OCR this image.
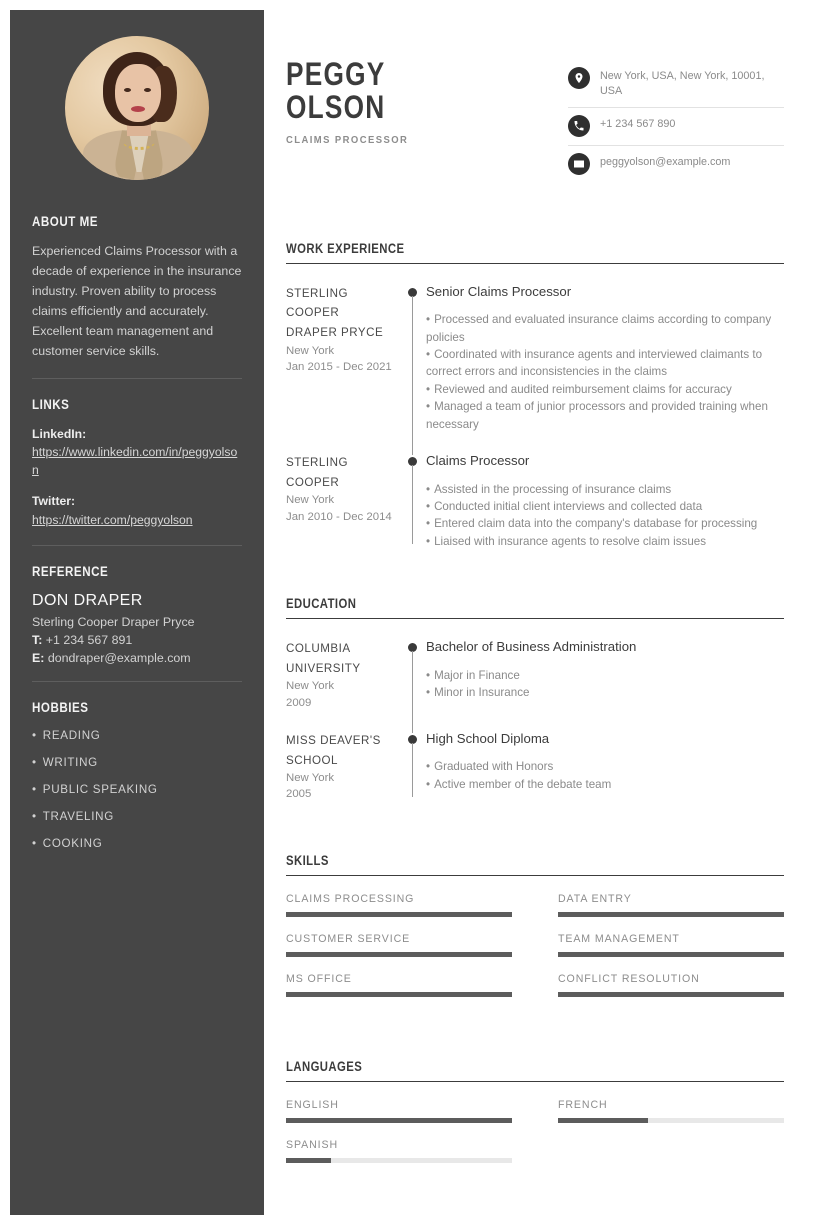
ABOUT ME
Experienced Claims Processor with a decade of experience in the insurance industry. Proven ability to process claims efficiently and accurately. Excellent team management and customer service skills.
LINKS
LinkedIn:
https://www.linkedin.com/in/peggyolson
Twitter:
https://twitter.com/peggyolson
REFERENCE
DON DRAPER
Sterling Cooper Draper Pryce
T: +1 234 567 891
E: dondraper@example.com
HOBBIES
• READING
• WRITING
• PUBLIC SPEAKING
• TRAVELING
• COOKING
PEGGY
OLSON
CLAIMS PROCESSOR
New York, USA, New York, 10001, USA
+1 234 567 890
peggyolson@example.com
WORK EXPERIENCE
STERLING COOPER DRAPER PRYCE
New York
Jan 2015 - Dec 2021
Senior Claims Processor
• Processed and evaluated insurance claims according to company policies
• Coordinated with insurance agents and interviewed claimants to correct errors and inconsistencies in the claims
• Reviewed and audited reimbursement claims for accuracy
• Managed a team of junior processors and provided training when necessary
STERLING COOPER
New York
Jan 2010 - Dec 2014
Claims Processor
• Assisted in the processing of insurance claims
• Conducted initial client interviews and collected data
• Entered claim data into the company's database for processing
• Liaised with insurance agents to resolve claim issues
EDUCATION
COLUMBIA UNIVERSITY
New York
2009
Bachelor of Business Administration
• Major in Finance
• Minor in Insurance
MISS DEAVER'S SCHOOL
New York
2005
High School Diploma
• Graduated with Honors
• Active member of the debate team
SKILLS
CLAIMS PROCESSING	DATA ENTRY
CUSTOMER SERVICE	TEAM MANAGEMENT
MS OFFICE	CONFLICT RESOLUTION
LANGUAGES
ENGLISH	FRENCH
SPANISH
